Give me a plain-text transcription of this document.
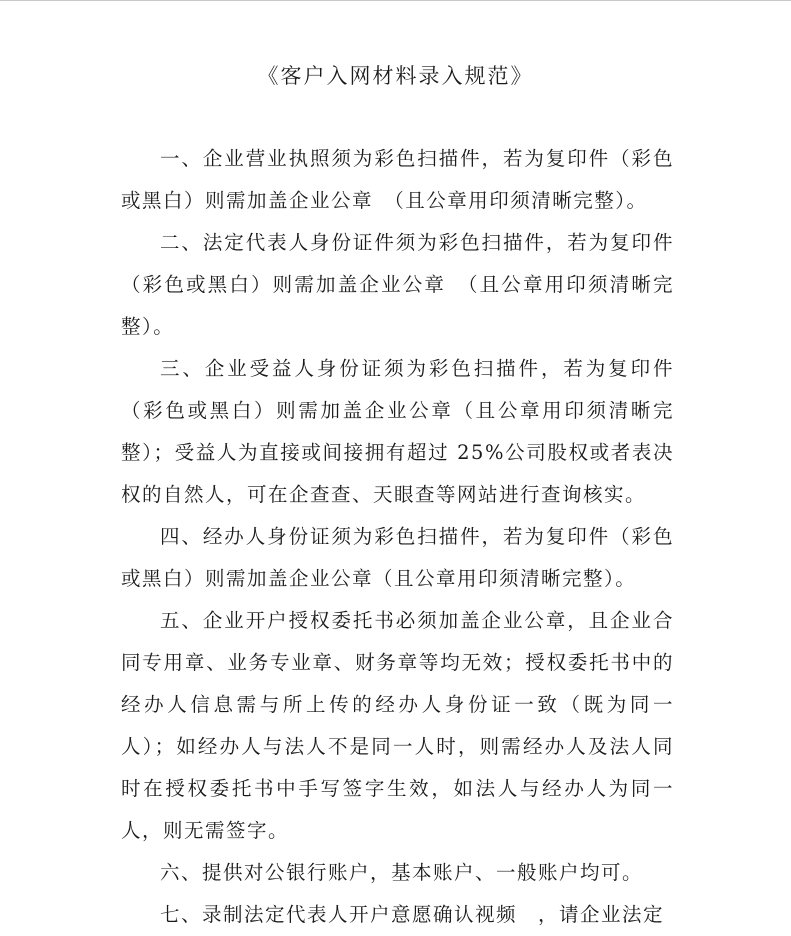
《客户入网材料录入规范》

一、企业营业执照须为彩色扫描件，若为复印件（彩色或黑白）则需加盖企业公章　（且公章用印须清晰完整）。

二、法定代表人身份证件须为彩色扫描件，若为复印件（彩色或黑白）则需加盖企业公章　（且公章用印须清晰完整）。

三、企业受益人身份证须为彩色扫描件，若为复印件（彩色或黑白）则需加盖企业公章（且公章用印须清晰完整）；受益人为直接或间接拥有超过 25%公司股权或者表决权的自然人，可在企查查、天眼查等网站进行查询核实。

四、经办人身份证须为彩色扫描件，若为复印件（彩色或黑白）则需加盖企业公章（且公章用印须清晰完整）。

五、企业开户授权委托书必须加盖企业公章，且企业合同专用章、业务专业章、财务章等均无效；授权委托书中的经办人信息需与所上传的经办人身份证一致（既为同一人）；如经办人与法人不是同一人时，则需经办人及法人同时在授权委托书中手写签字生效，如法人与经办人为同一人，则无需签字。

六、提供对公银行账户，基本账户、一般账户均可。

七、录制法定代表人开户意愿确认视频　，请企业法定
